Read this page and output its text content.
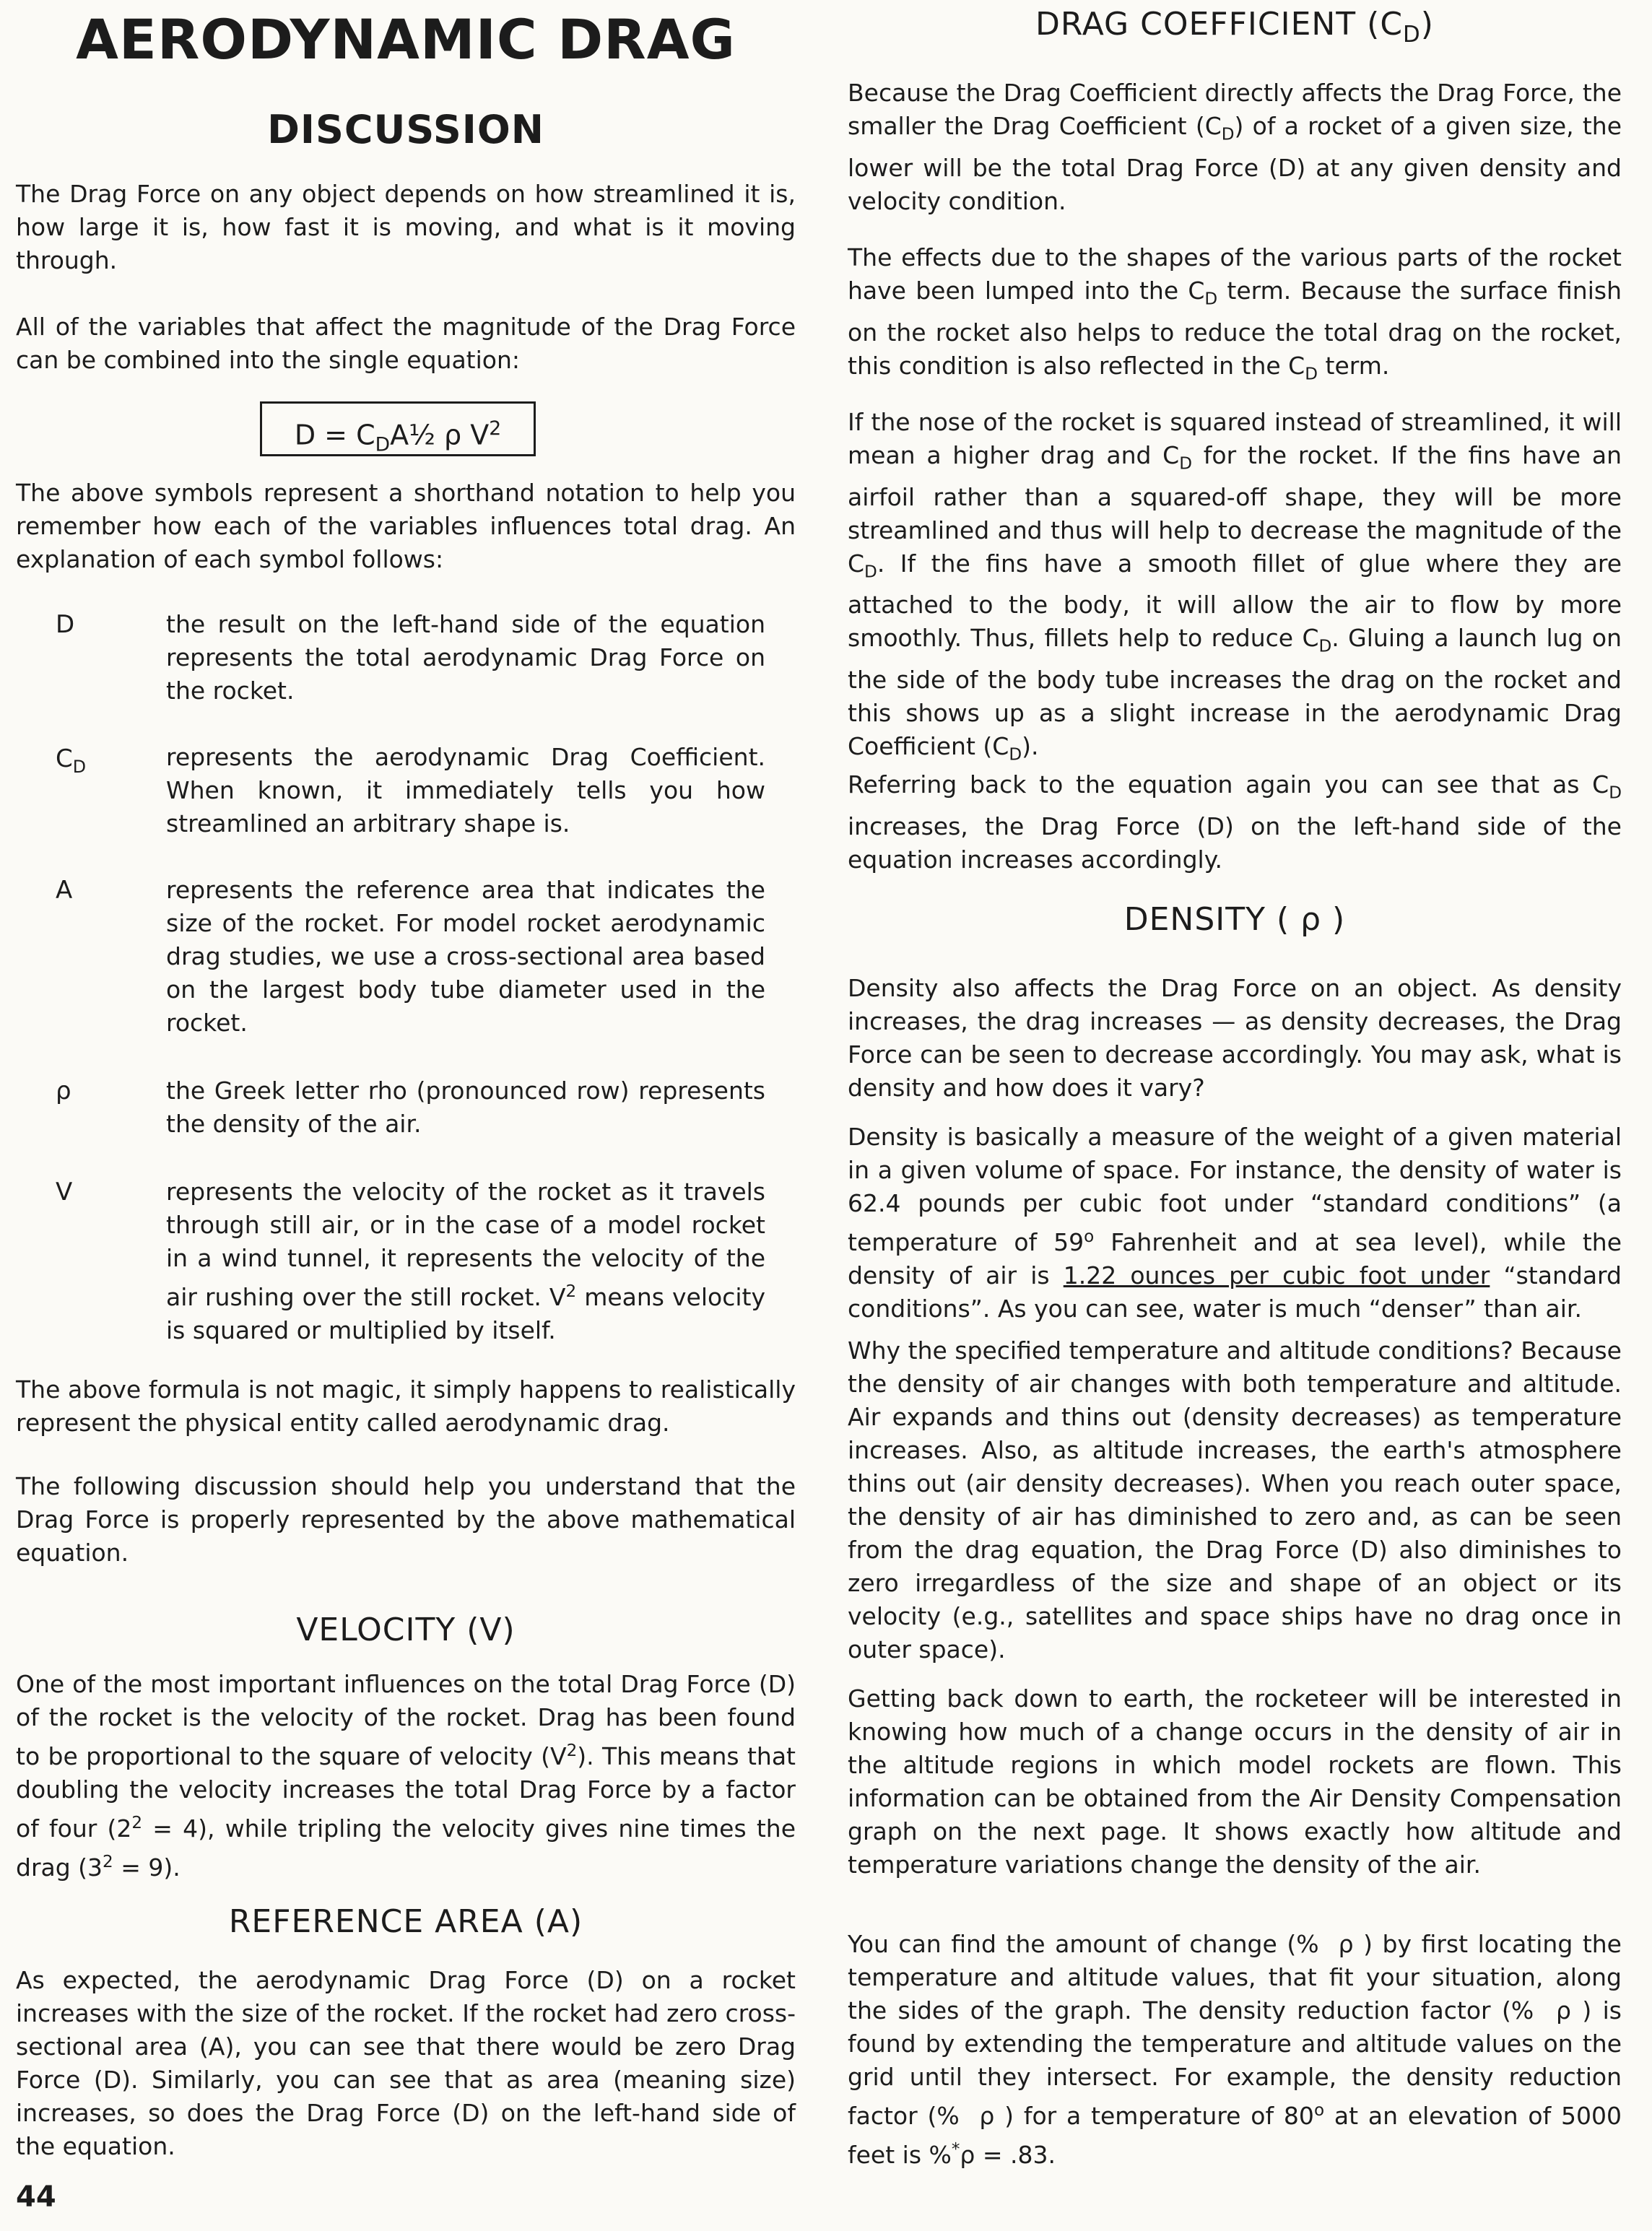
AERODYNAMIC DRAG
DISCUSSION

The Drag Force on any object depends on how streamlined it is, how large it is, how fast it is moving, and what is it moving through.

All of the variables that affect the magnitude of the Drag Force can be combined into the single equation:

$D = C_DA\frac{1}{2}$ ρ $V^2$

The above symbols represent a shorthand notation to help you remember how each of the variables influences total drag. An explanation of each symbol follows:

D	the result on the left-hand side of the equation represents the total aerodynamic Drag Force on the rocket.
$C_D$	represents the aerodynamic Drag Coefficient. When known, it immediately tells you how streamlined an arbitrary shape is.
A	represents the reference area that indicates the size of the rocket. For model rocket aerodynamic drag studies, we use a cross-sectional area based on the largest body tube diameter used in the rocket.
ρ	the Greek letter rho (pronounced row) represents the density of the air.
V	represents the velocity of the rocket as it travels through still air, or in the case of a model rocket in a wind tunnel, it represents the velocity of the air rushing over the still rocket. $V^2$ means velocity is squared or multiplied by itself.

The above formula is not magic, it simply happens to realistically represent the physical entity called aerodynamic drag.

The following discussion should help you understand that the Drag Force is properly represented by the above mathematical equation.

VELOCITY (V)

One of the most important influences on the total Drag Force (D) of the rocket is the velocity of the rocket. Drag has been found to be proportional to the square of velocity $(V^2)$. This means that doubling the velocity increases the total Drag Force by a factor of four $(2^2 = 4)$, while tripling the velocity gives nine times the drag $(3^2 = 9)$.

REFERENCE AREA (A)

As expected, the aerodynamic Drag Force (D) on a rocket increases with the size of the rocket. If the rocket had zero cross-sectional area (A), you can see that there would be zero Drag Force (D). Similarly, you can see that as area (meaning size) increases, so does the Drag Force (D) on the left-hand side of the equation.

44
DRAG COEFFICIENT $(C_D)$

Because the Drag Coefficient directly affects the Drag Force, the smaller the Drag Coefficient $(C_D)$ of a rocket of a given size, the lower will be the total Drag Force (D) at any given density and velocity condition.

The effects due to the shapes of the various parts of the rocket have been lumped into the $C_D$ term. Because the surface finish on the rocket also helps to reduce the total drag on the rocket, this condition is also reflected in the $C_D$ term.

If the nose of the rocket is squared instead of streamlined, it will mean a higher drag and $C_D$ for the rocket. If the fins have an airfoil rather than a squared-off shape, they will be more streamlined and thus will help to decrease the magnitude of the $C_D$. If the fins have a smooth fillet of glue where they are attached to the body, it will allow the air to flow by more smoothly. Thus, fillets help to reduce $C_D$. Gluing a launch lug on the side of the body tube increases the drag on the rocket and this shows up as a slight increase in the aerodynamic Drag Coefficient $(C_D)$.

Referring back to the equation again you can see that as $C_D$ increases, the Drag Force (D) on the left-hand side of the equation increases accordingly.

DENSITY ( ρ )

Density also affects the Drag Force on an object. As density increases, the drag increases — as density decreases, the Drag Force can be seen to decrease accordingly. You may ask, what is density and how does it vary?

Density is basically a measure of the weight of a given material in a given volume of space. For instance, the density of water is 62.4 pounds per cubic foot under “standard conditions” (a temperature of 59$^o$ Fahrenheit and at sea level), while the density of air is 1.22 ounces per cubic foot under “standard conditions”. As you can see, water is much “denser” than air.

Why the specified temperature and altitude conditions? Because the density of air changes with both temperature and altitude. Air expands and thins out (density decreases) as temperature increases. Also, as altitude increases, the earth's atmosphere thins out (air density decreases). When you reach outer space, the density of air has diminished to zero and, as can be seen from the drag equation, the Drag Force (D) also diminishes to zero irregardless of the size and shape of an object or its velocity (e.g., satellites and space ships have no drag once in outer space).

Getting back down to earth, the rocketeer will be interested in knowing how much of a change occurs in the density of air in the altitude regions in which model rockets are flown. This information can be obtained from the Air Density Compensation graph on the next page. It shows exactly how altitude and temperature variations change the density of the air.

You can find the amount of change (%  ρ ) by first locating the temperature and altitude values, that fit your situation, along the sides of the graph. The density reduction factor (%  ρ ) is found by extending the temperature and altitude values on the grid until they intersect. For example, the density reduction factor (%  ρ ) for a temperature of 80$^o$ at an elevation of 5000 feet is %*ρ = .83.
